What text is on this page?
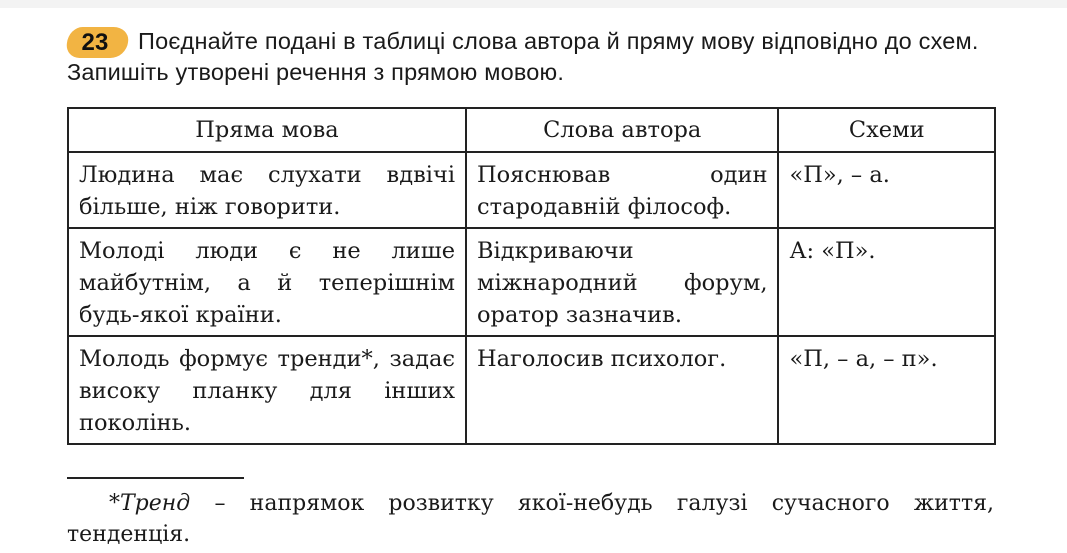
23	Поєднайте подані в таблиці слова автора й пряму мову відповідно до схем. Запишіть утворені речення з прямою мовою.

Пряма мова	Слова автора	Схеми
Людина має слухати вдвічі більше, ніж говорити.	Пояснював один стародавній філософ.	«П», – а.
Молоді люди є не лише майбутнім, а й теперішнім будь-якої країни.	Відкриваючи міжнародний форум, оратор зазначив.	А: «П».
Молодь формує тренди*, задає високу планку для інших поколінь.	Наголосив психолог.	«П, – а, – п».

*Тренд – напрямок розвитку якої-небудь галузі сучасного життя, тенденція.
